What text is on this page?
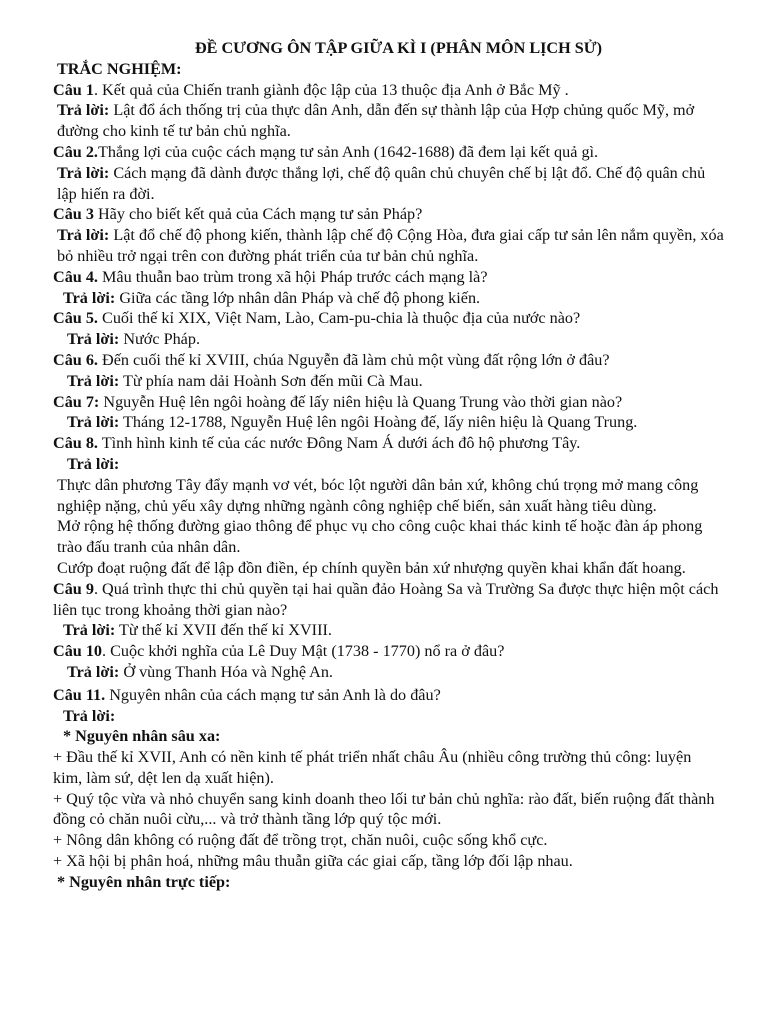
ĐỀ CƯƠNG ÔN TẬP GIỮA KÌ I (PHÂN MÔN LỊCH SỬ)
TRẮC NGHIỆM:
Câu 1. Kết quả của Chiến tranh giành độc lập của 13 thuộc địa Anh ở Bắc Mỹ .
Trả lời: Lật đổ ách thống trị của thực dân Anh, dẫn đến sự thành lập của Hợp chủng quốc Mỹ, mở đường cho kinh tế tư bản chủ nghĩa.
Câu 2.Thắng lợi của cuộc cách mạng tư sản Anh (1642-1688) đã đem lại kết quả gì.
Trả lời: Cách mạng đã dành được thắng lợi, chế độ quân chủ chuyên chế bị lật đổ. Chế độ quân chủ lập hiến ra đời.
Câu 3 Hãy cho biết kết quả của Cách mạng tư sản Pháp?
Trả lời: Lật đổ chế độ phong kiến, thành lập chế độ Cộng Hòa, đưa giai cấp tư sản lên nắm quyền, xóa bỏ nhiều trở ngại trên con đường phát triển của tư bản chủ nghĩa.
Câu 4. Mâu thuẫn bao trùm trong xã hội Pháp trước cách mạng là?
Trả lời: Giữa các tầng lớp nhân dân Pháp và chế độ phong kiến.
Câu 5. Cuối thế kỉ XIX, Việt Nam, Lào, Cam-pu-chia là thuộc địa của nước nào?
Trả lời: Nước Pháp.
Câu 6. Đến cuối thế kỉ XVIII, chúa Nguyễn đã làm chủ một vùng đất rộng lớn ở đâu?
Trả lời: Từ phía nam dải Hoành Sơn đến mũi Cà Mau.
Câu 7: Nguyễn Huệ lên ngôi hoàng đế lấy niên hiệu là Quang Trung vào thời gian nào?
Trả lời: Tháng 12-1788, Nguyễn Huệ lên ngôi Hoàng đế, lấy niên hiệu là Quang Trung.
Câu 8. Tình hình kinh tế của các nước Đông Nam Á dưới ách đô hộ phương Tây.
Trả lời:
Thực dân phương Tây đẩy mạnh vơ vét, bóc lột người dân bản xứ, không chú trọng mở mang công nghiệp nặng, chủ yếu xây dựng những ngành công nghiệp chế biến, sản xuất hàng tiêu dùng.
Mở rộng hệ thống đường giao thông để phục vụ cho công cuộc khai thác kinh tế hoặc đàn áp phong trào đấu tranh của nhân dân.
Cướp đoạt ruộng đất để lập đồn điền, ép chính quyền bản xứ nhượng quyền khai khẩn đất hoang.
Câu 9. Quá trình thực thi chủ quyền tại hai quần đảo Hoàng Sa và Trường Sa được thực hiện một cách liên tục trong khoảng thời gian nào?
Trả lời: Từ thế kỉ XVII đến thế kỉ XVIII.
Câu 10. Cuộc khởi nghĩa của Lê Duy Mật (1738 - 1770) nổ ra ở đâu?
Trả lời: Ở vùng Thanh Hóa và Nghệ An.
Câu 11. Nguyên nhân của cách mạng tư sản Anh là do đâu?
Trả lời:
* Nguyên nhân sâu xa:
+ Đầu thế kỉ XVII, Anh có nền kinh tế phát triển nhất châu Âu (nhiều công trường thủ công: luyện kim, làm sứ, dệt len dạ xuất hiện).
+ Quý tộc vừa và nhỏ chuyển sang kinh doanh theo lối tư bản chủ nghĩa: rào đất, biến ruộng đất thành đồng cỏ chăn nuôi cừu,... và trở thành tầng lớp quý tộc mới.
+ Nông dân không có ruộng đất để trồng trọt, chăn nuôi, cuộc sống khổ cực.
+ Xã hội bị phân hoá, những mâu thuẫn giữa các giai cấp, tầng lớp đối lập nhau.
* Nguyên nhân trực tiếp:
